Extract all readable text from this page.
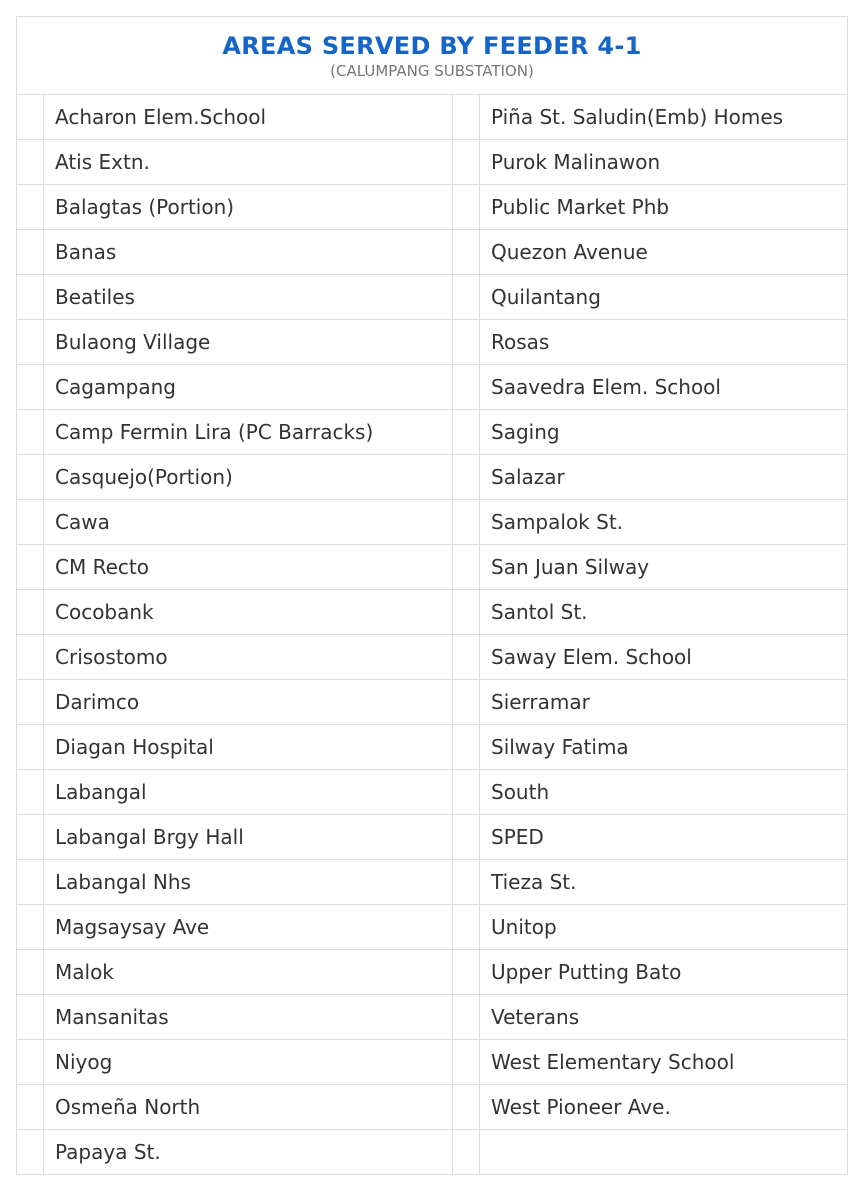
AREAS SERVED BY FEEDER 4-1
(CALUMPANG SUBSTATION)
Acharon Elem.School	Piña St. Saludin(Emb) Homes
Atis Extn.	Purok Malinawon
Balagtas (Portion)	Public Market Phb
Banas	Quezon Avenue
Beatiles	Quilantang
Bulaong Village	Rosas
Cagampang	Saavedra Elem. School
Camp Fermin Lira (PC Barracks)	Saging
Casquejo(Portion)	Salazar
Cawa	Sampalok St.
CM Recto	San Juan Silway
Cocobank	Santol St.
Crisostomo	Saway Elem. School
Darimco	Sierramar
Diagan Hospital	Silway Fatima
Labangal	South
Labangal Brgy Hall	SPED
Labangal Nhs	Tieza St.
Magsaysay Ave	Unitop
Malok	Upper Putting Bato
Mansanitas	Veterans
Niyog	West Elementary School
Osmeña North	West Pioneer Ave.
Papaya St.
